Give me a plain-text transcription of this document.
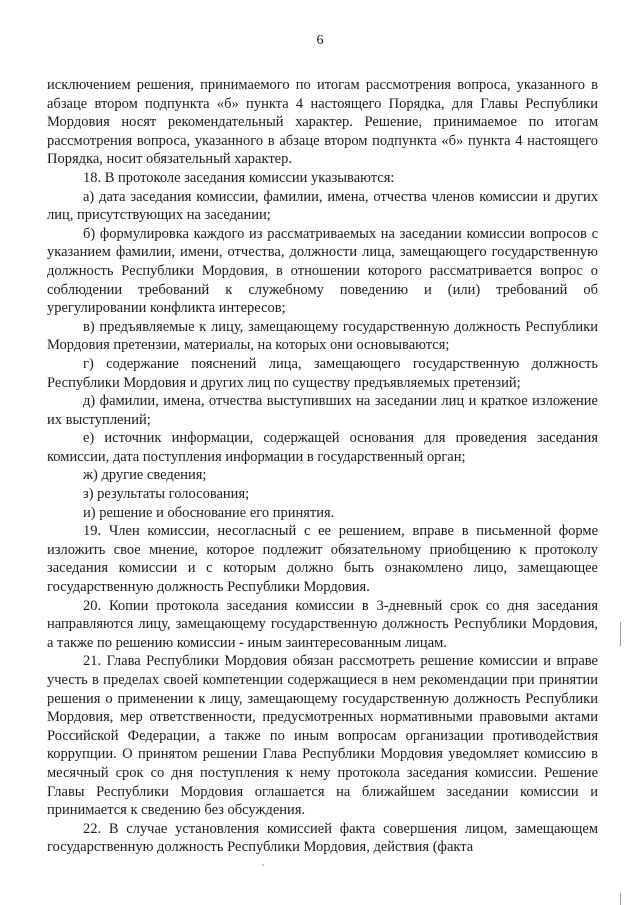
6

исключением решения, принимаемого по итогам рассмотрения вопроса, указанного в абзаце втором подпункта «б» пункта 4 настоящего Порядка, для Главы Республики Мордовия носят рекомендательный характер. Решение, принимаемое по итогам рассмотрения вопроса, указанного в абзаце втором подпункта «б» пункта 4 настоящего Порядка, носит обязательный характер.

18. В протоколе заседания комиссии указываются:

а) дата заседания комиссии, фамилии, имена, отчества членов комиссии и других лиц, присутствующих на заседании;

б) формулировка каждого из рассматриваемых на заседании комиссии вопросов с указанием фамилии, имени, отчества, должности лица, замещающего государственную должность Республики Мордовия, в отношении которого рассматривается вопрос о соблюдении требований к служебному поведению и (или) требований об урегулировании конфликта интересов;

в) предъявляемые к лицу, замещающему государственную должность Республики Мордовия претензии, материалы, на которых они основываются;

г) содержание пояснений лица, замещающего государственную должность Республики Мордовия и других лиц по существу предъявляемых претензий;

д) фамилии, имена, отчества выступивших на заседании лиц и краткое изложение их выступлений;

е) источник информации, содержащей основания для проведения заседания комиссии, дата поступления информации в государственный орган;

ж) другие сведения;

з) результаты голосования;

и) решение и обоснование его принятия.

19. Член комиссии, несогласный с ее решением, вправе в письменной форме изложить свое мнение, которое подлежит обязательному приобщению к протоколу заседания комиссии и с которым должно быть ознакомлено лицо, замещающее государственную должность Республики Мордовия.

20. Копии протокола заседания комиссии в 3-дневный срок со дня заседания направляются лицу, замещающему государственную должность Республики Мордовия, а также по решению комиссии - иным заинтересованным лицам.

21. Глава Республики Мордовия обязан рассмотреть решение комиссии и вправе учесть в пределах своей компетенции содержащиеся в нем рекомендации при принятии решения о применении к лицу, замещающему государственную должность Республики Мордовия, мер ответственности, предусмотренных нормативными правовыми актами Российской Федерации, а также по иным вопросам организации противодействия коррупции. О принятом решении Глава Республики Мордовия уведомляет комиссию в месячный срок со дня поступления к нему протокола заседания комиссии. Решение Главы Республики Мордовия оглашается на ближайшем заседании комиссии и принимается к сведению без обсуждения.

22. В случае установления комиссией факта совершения лицом, замещающем государственную должность Республики Мордовия, действия (факта
